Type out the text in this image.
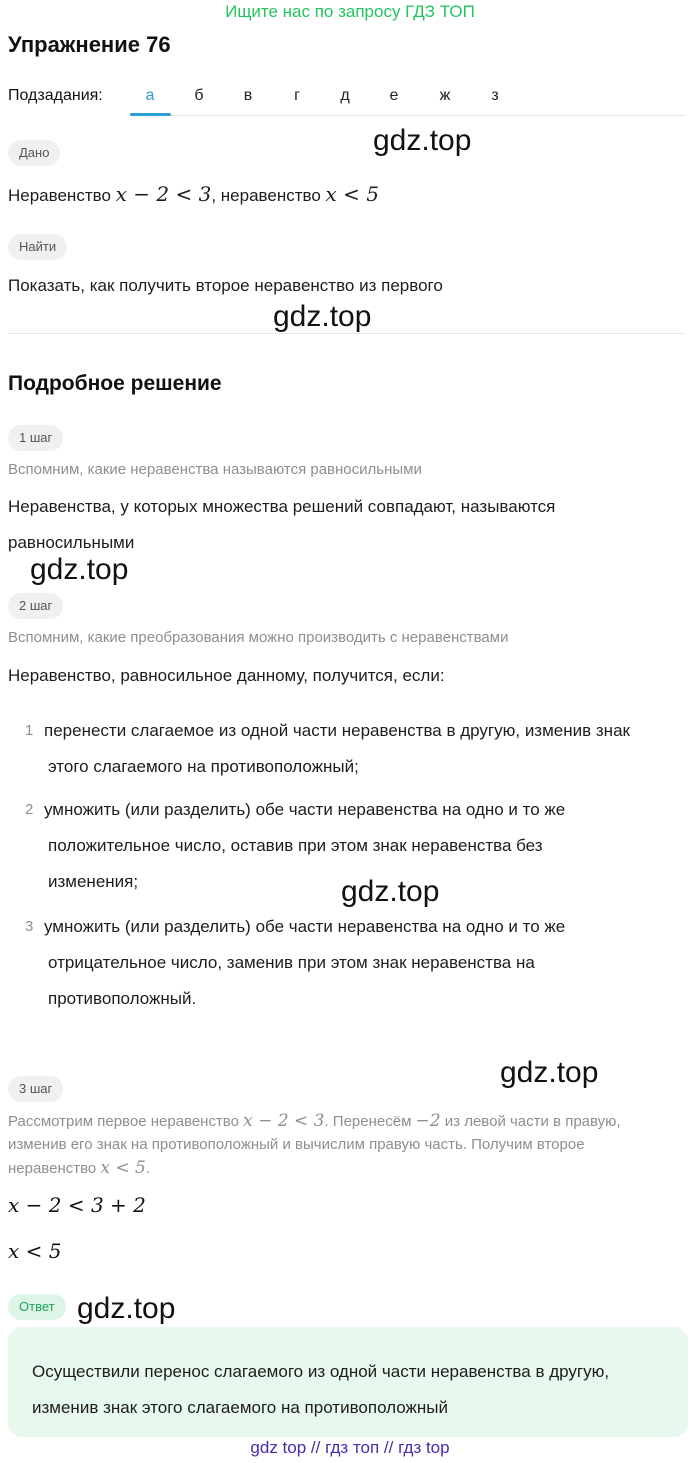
Ищите нас по запросу ГДЗ ТОП
Упражнение 76
Подзадания:	а	б	в	г	д	е	ж	з
Дано	gdz.top
Неравенство x − 2 < 3, неравенство x < 5
Найти
Показать, как получить второе неравенство из первого
gdz.top
Подробное решение
1 шаг
Вспомним, какие неравенства называются равносильными
Неравенства, у которых множества решений совпадают, называются
равносильными
gdz.top
2 шаг
Вспомним, какие преобразования можно производить с неравенствами
Неравенство, равносильное данному, получится, если:
1 перенести слагаемое из одной части неравенства в другую, изменив знак
этого слагаемого на противоположный;
2 умножить (или разделить) обе части неравенства на одно и то же
положительное число, оставив при этом знак неравенства без
изменения;	gdz.top
3 умножить (или разделить) обе части неравенства на одно и то же
отрицательное число, заменив при этом знак неравенства на
противоположный.
gdz.top
3 шаг
Рассмотрим первое неравенство x − 2 < 3. Перенесём −2 из левой части в правую,
изменив его знак на противоположный и вычислим правую часть. Получим второе
неравенство x < 5.
x − 2 < 3 + 2
x < 5
Ответ gdz.top
Осуществили перенос слагаемого из одной части неравенства в другую,
изменив знак этого слагаемого на противоположный
gdz top // гдз топ // гдз top
